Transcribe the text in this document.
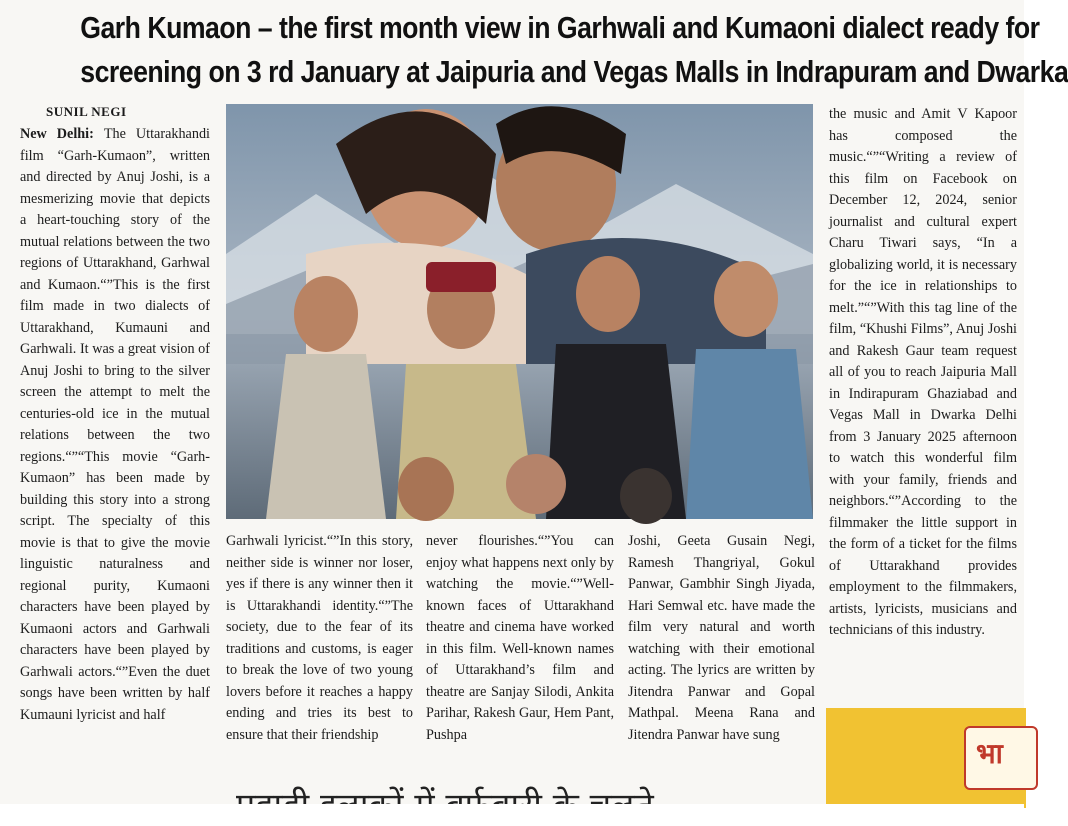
Garh Kumaon – the first month view in Garhwali and Kumaoni dialect ready for
screening on 3 rd January at Jaipuria and Vegas Malls in Indrapuram and Dwarka
SUNIL NEGI
New Delhi: The Uttarakhandi film “Garh-Kumaon”, written and directed by Anuj Joshi, is a mesmerizing movie that depicts a heart-touching story of the mutual relations between the two regions of Uttarakhand, Garhwal and Kumaon.“”This is the first film made in two dialects of Uttarakhand, Kumauni and Garhwali. It was a great vision of Anuj Joshi to bring to the silver screen the attempt to melt the centuries-old ice in the mutual relations between the two regions.“”“This movie “Garh- Kumaon” has been made by building this story into a strong script. The specialty of this movie is that to give the movie linguistic naturalness and regional purity, Kumaoni characters have been played by Kumaoni actors and Garhwali characters have been played by Garhwali actors.“”Even the duet songs have been written by half Kumauni lyricist and half
Garhwali lyricist.“”In this story, neither side is winner nor loser, yes if there is any winner then it is Uttarakhandi identity.“”The society, due to the fear of its traditions and customs, is eager to break the love of two young lovers before it reaches a happy ending and tries its best to ensure that their friendship
never flourishes.“”You can enjoy what happens next only by watching the movie.“”Well-known faces of Uttarakhand theatre and cinema have worked in this film. Well-known names of Uttarakhand’s film and theatre are Sanjay Silodi, Ankita Parihar, Rakesh Gaur, Hem Pant, Pushpa
Joshi, Geeta Gusain Negi, Ramesh Thangriyal, Gokul Panwar, Gambhir Singh Jiyada, Hari Semwal etc. have made the film very natural and worth watching with their emotional acting. The lyrics are written by Jitendra Panwar and Gopal Mathpal. Meena Rana and Jitendra Panwar have sung
the music and Amit V Kapoor has composed the music.“”“Writing a review of this film on Facebook on December 12, 2024, senior journalist and cultural expert Charu Tiwari says, “In a globalizing world, it is necessary for the ice in relationships to melt.”“”With this tag line of the film, “Khushi Films”, Anuj Joshi and Rakesh Gaur team request all of you to reach Jaipuria Mall in Indirapuram Ghaziabad and Vegas Mall in Dwarka Delhi from 3 January 2025 afternoon to watch this wonderful film with your family, friends and neighbors.“”According to the filmmaker the little support in the form of a ticket for the films of Uttarakhand provides employment to the filmmakers, artists, lyricists, musicians and technicians of this industry.
भा
